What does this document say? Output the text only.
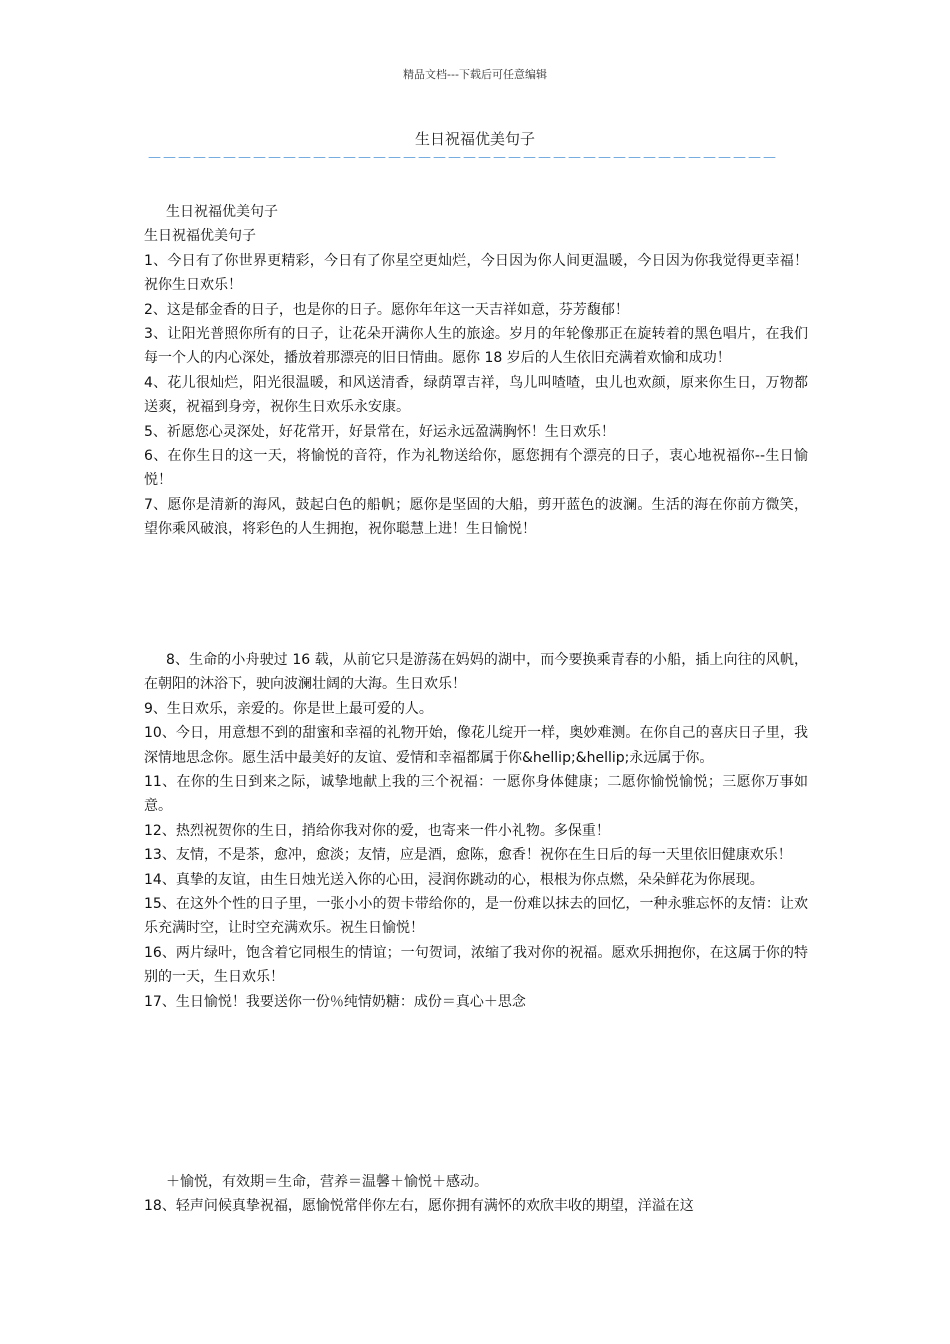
精品文档---下载后可任意编辑
生日祝福优美句子
——————————————————————————————————————————

生日祝福优美句子

生日祝福优美句子

1、今日有了你世界更精彩，今日有了你星空更灿烂，今日因为你人间更温暖，今日因为你我觉得更幸福！祝你生日欢乐！

2、这是郁金香的日子，也是你的日子。愿你年年这一天吉祥如意，芬芳馥郁！

3、让阳光普照你所有的日子，让花朵开满你人生的旅途。岁月的年轮像那正在旋转着的黑色唱片，在我们每一个人的内心深处，播放着那漂亮的旧日情曲。愿你 18 岁后的人生依旧充满着欢愉和成功！

4、花儿很灿烂，阳光很温暖，和风送清香，绿荫罩吉祥，鸟儿叫喳喳，虫儿也欢颜，原来你生日，万物都送爽，祝福到身旁，祝你生日欢乐永安康。

5、祈愿您心灵深处，好花常开，好景常在，好运永远盈满胸怀！生日欢乐！

6、在你生日的这一天，将愉悦的音符，作为礼物送给你，愿您拥有个漂亮的日子，衷心地祝福你--生日愉悦！

7、愿你是清新的海风，鼓起白色的船帆；愿你是坚固的大船，剪开蓝色的波澜。生活的海在你前方微笑，望你乘风破浪，将彩色的人生拥抱，祝你聪慧上进！生日愉悦！

8、生命的小舟驶过 16 载，从前它只是游荡在妈妈的湖中，而今要换乘青春的小船，插上向往的风帆，在朝阳的沐浴下，驶向波澜壮阔的大海。生日欢乐！

9、生日欢乐，亲爱的。你是世上最可爱的人。

10、今日，用意想不到的甜蜜和幸福的礼物开始，像花儿绽开一样，奥妙难测。在你自己的喜庆日子里，我深情地思念你。愿生活中最美好的友谊、爱情和幸福都属于你&hellip;&hellip;永远属于你。

11、在你的生日到来之际，诚挚地献上我的三个祝福：一愿你身体健康；二愿你愉悦愉悦；三愿你万事如意。

12、热烈祝贺你的生日，捎给你我对你的爱，也寄来一件小礼物。多保重！

13、友情，不是茶，愈冲，愈淡；友情，应是酒，愈陈，愈香！祝你在生日后的每一天里依旧健康欢乐！

14、真挚的友谊，由生日烛光送入你的心田，浸润你跳动的心，根根为你点燃，朵朵鲜花为你展现。

15、在这外个性的日子里，一张小小的贺卡带给你的，是一份难以抹去的回忆，一种永骓忘怀的友情：让欢乐充满时空，让时空充满欢乐。祝生日愉悦！

16、两片绿叶，饱含着它同根生的情谊；一句贺词，浓缩了我对你的祝福。愿欢乐拥抱你，在这属于你的特别的一天，生日欢乐！

17、生日愉悦！我要送你一份％纯情奶糖：成份＝真心＋思念

＋愉悦，有效期＝生命，营养＝温馨＋愉悦＋感动。

18、轻声问候真挚祝福，愿愉悦常伴你左右，愿你拥有满怀的欢欣丰收的期望，洋溢在这
